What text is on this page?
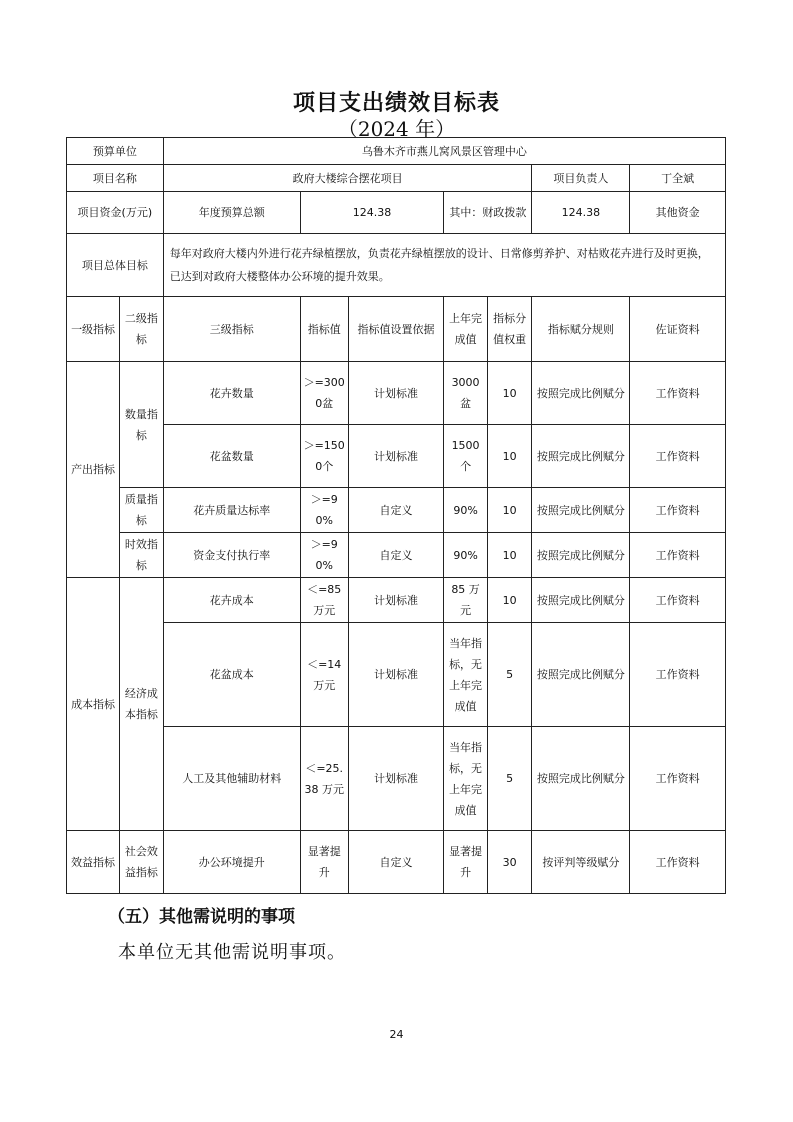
项目支出绩效目标表
（2024 年）
预算单位		乌鲁木齐市燕儿窝风景区管理中心						
项目名称		政府大楼综合摆花项目					项目负责人	丁全斌
项目资金(万元)		年度预算总额	124.38		其中：财政拨款		124.38	其他资金

项目总体目标		每年对政府大楼内外进行花卉绿植摆放，负责花卉绿植摆放的设计、日常修剪养护、对枯败花卉进行及时更换，已达到对政府大楼整体办公环境的提升效果。						
一级指标	二级指标	三级指标	指标值	指标值设置依据	上年完成值	指标分值权重	指标赋分规则	佐证资料
产出指标	数量指标	花卉数量	＞=3000盆	计划标准	3000盆	10	按照完成比例赋分	工作资料
		花盆数量	＞=1500个	计划标准	1500个	10	按照完成比例赋分	工作资料
	质量指标	花卉质量达标率	＞=90%	自定义	90%	10	按照完成比例赋分	工作资料
	时效指标	资金支付执行率	＞=90%	自定义	90%	10	按照完成比例赋分	工作资料
成本指标	经济成本指标	花卉成本	＜=85万元	计划标准	85 万元	10	按照完成比例赋分	工作资料
		花盆成本	＜=14万元	计划标准	当年指标，无上年完成值	5	按照完成比例赋分	工作资料
		人工及其他辅助材料	＜=25.38 万元	计划标准	当年指标，无上年完成值	5	按照完成比例赋分	工作资料
效益指标	社会效益指标	办公环境提升	显著提升	自定义	显著提升	30	按评判等级赋分	工作资料
（五）其他需说明的事项
本单位无其他需说明事项。
24
